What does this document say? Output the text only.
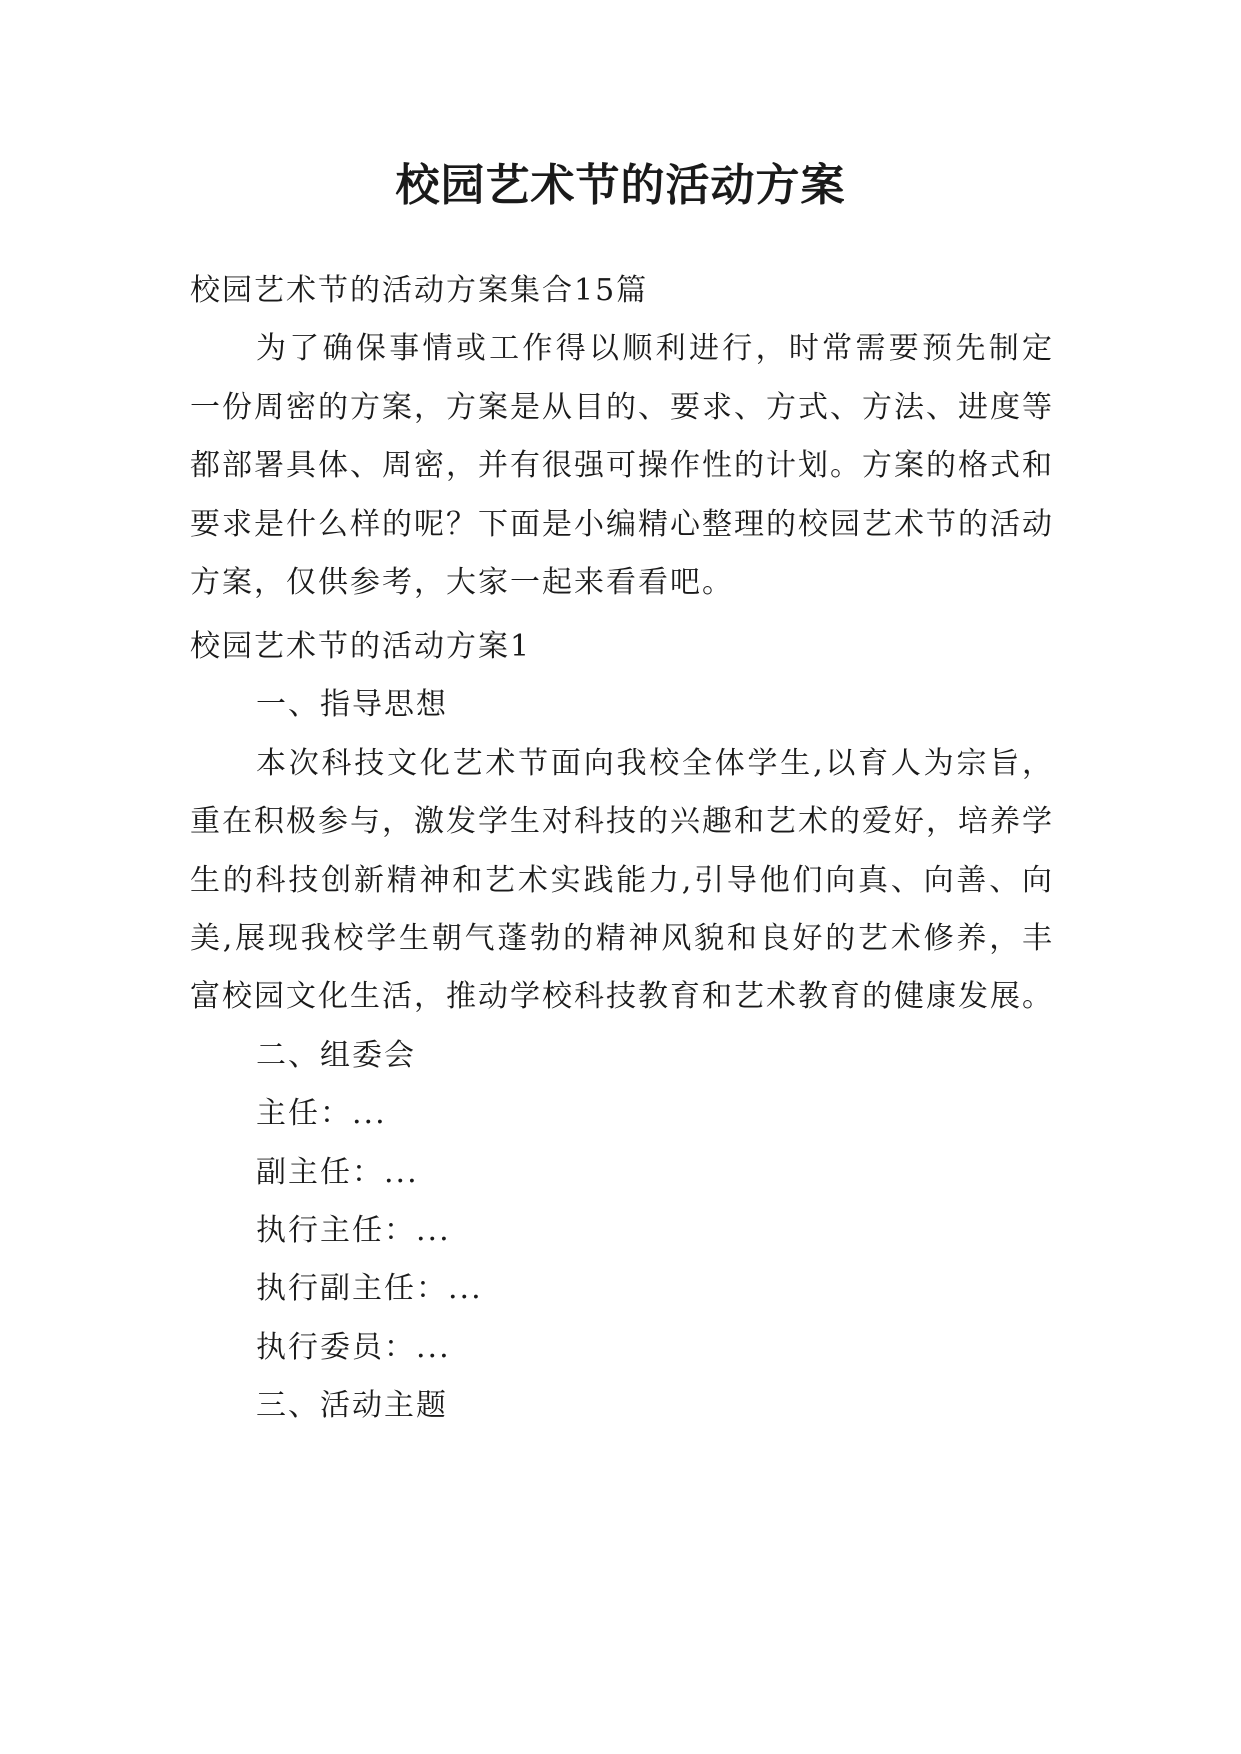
校园艺术节的活动方案

校园艺术节的活动方案集合15篇

为了确保事情或工作得以顺利进行，时常需要预先制定一份周密的方案，方案是从目的、要求、方式、方法、进度等都部署具体、周密，并有很强可操作性的计划。方案的格式和要求是什么样的呢？下面是小编精心整理的校园艺术节的活动方案，仅供参考，大家一起来看看吧。

校园艺术节的活动方案1

一、指导思想

本次科技文化艺术节面向我校全体学生,以育人为宗旨，重在积极参与，激发学生对科技的兴趣和艺术的爱好，培养学生的科技创新精神和艺术实践能力,引导他们向真、向善、向美,展现我校学生朝气蓬勃的精神风貌和良好的艺术修养，丰富校园文化生活，推动学校科技教育和艺术教育的健康发展。

二、组委会

主任：...

副主任：...

执行主任：...

执行副主任：...

执行委员：...

三、活动主题
